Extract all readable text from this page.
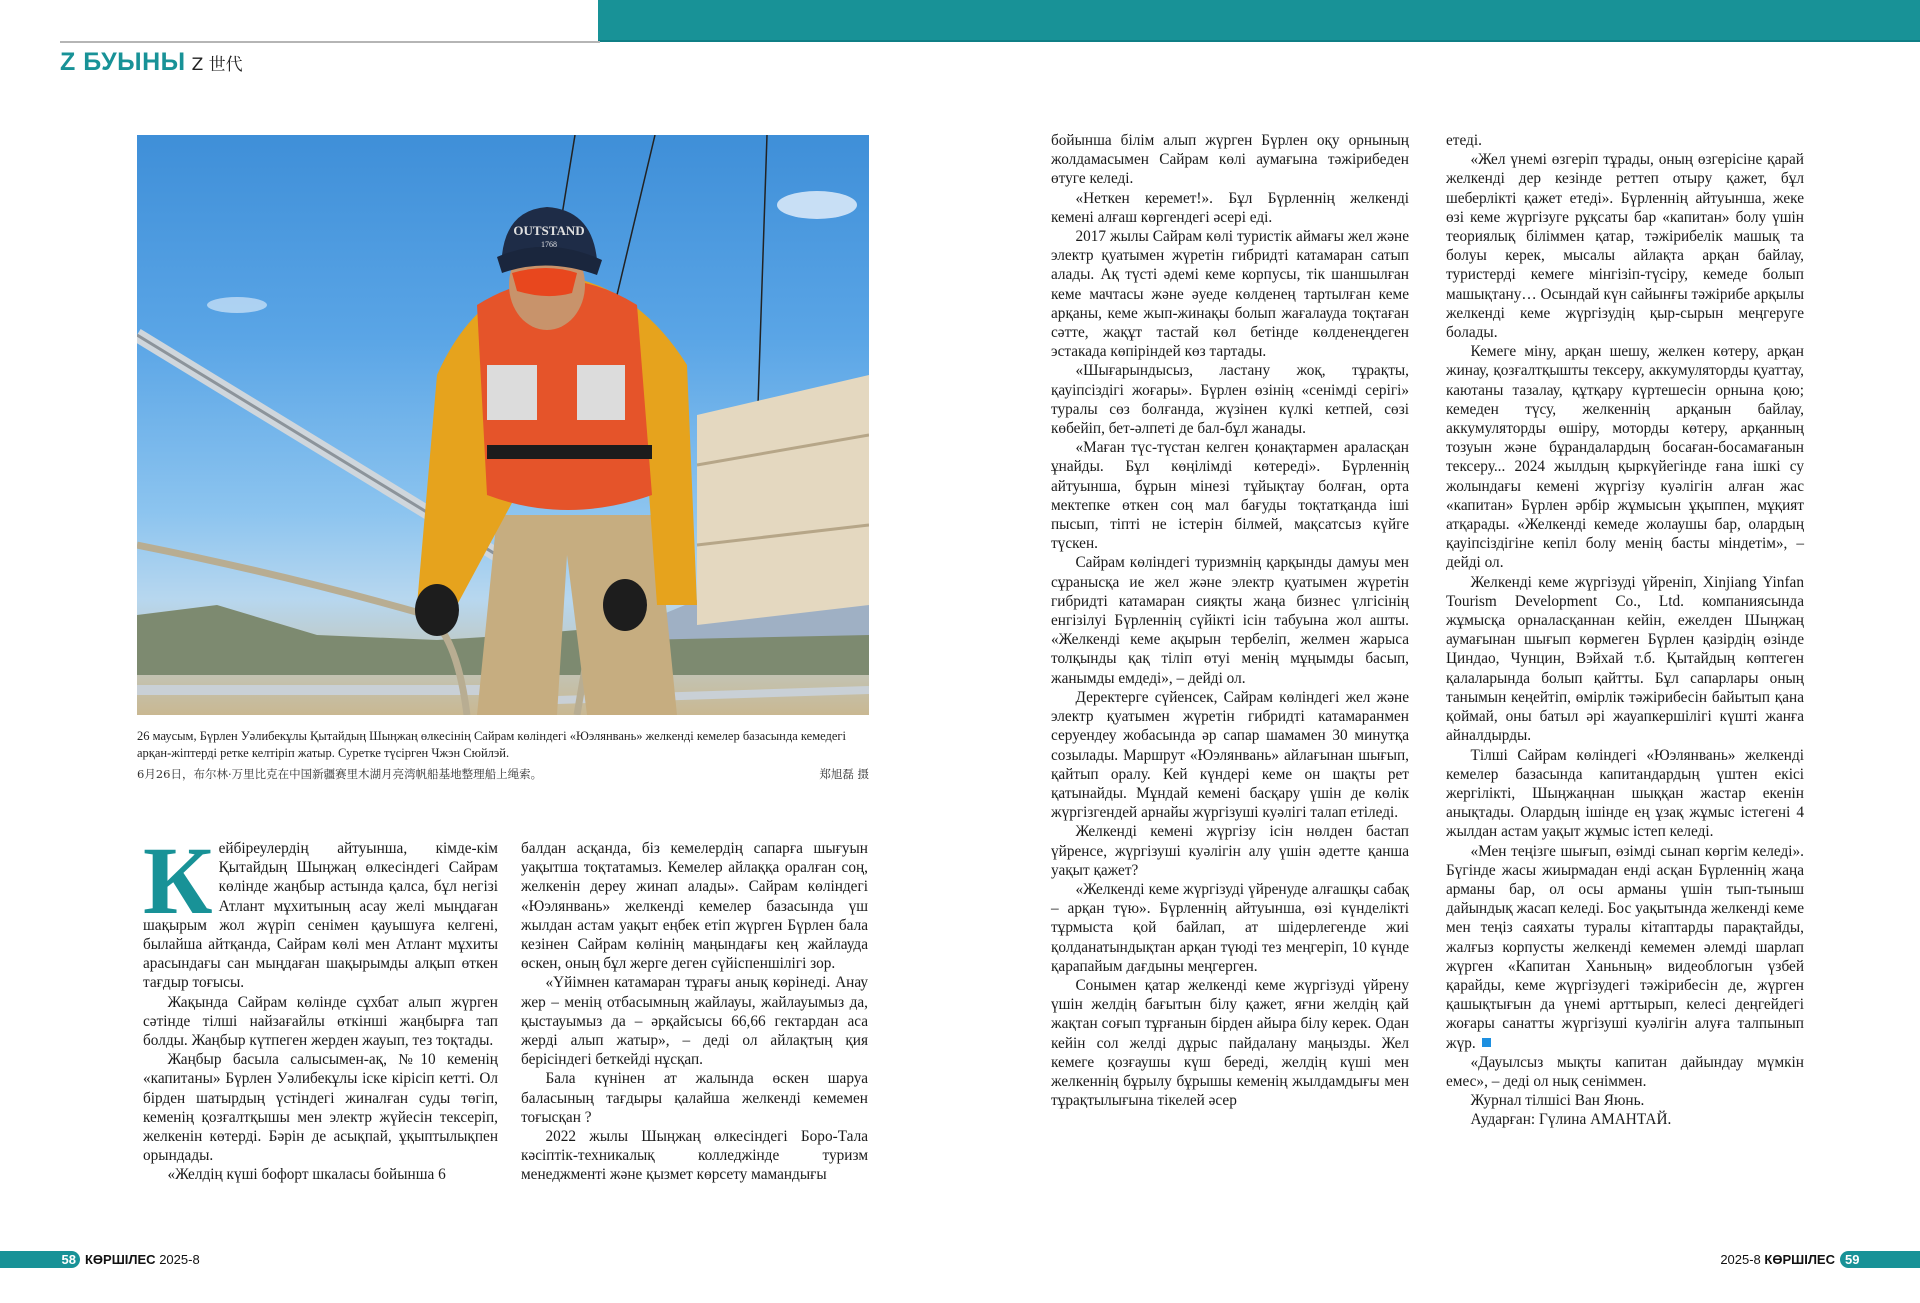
Z БУЫНЫ Z 世代
OUTSTAND
1768
26 маусым, Бүрлен Уәлибекұлы Қытайдың Шыңжаң өлкесінің Сайрам көліндегі «Юэлянвань» желкенді кемелер базасында кемедегі арқан-жіптерді ретке келтіріп жатыр. Суретке түсірген Чжэн Сюйлэй.
6月26日，布尔林·万里比克在中国新疆赛里木湖月亮湾帆船基地整理船上绳索。	郑旭磊 摄

Кейбіреулердің айтуынша, кімде-кім Қытайдың Шыңжаң өлкесіндегі Сайрам көлінде жаңбыр астында қалса, бұл негізі Атлант мұхитының асау желі мыңдаған шақырым жол жүріп сенімен қауышуға келгені, былайша айтқанда, Сайрам көлі мен Атлант мұхиты арасындағы сан мыңдаған шақырымды алқып өткен тағдыр тоғысы.

Жақында Сайрам көлінде сұхбат алып жүрген сәтінде тілші найзағайлы өткінші жаңбырға тап болды. Жаңбыр күтпеген жерден жауып, тез тоқтады.

Жаңбыр басыла салысымен-ақ, №10 кеменің «капитаны» Бүрлен Уәлибекұлы іске кірісіп кетті. Ол бірден шатырдың үстіндегі жиналған суды төгіп, кеменің қозғалтқышы мен электр жүйесін тексеріп, желкенін көтерді. Бәрін де асықпай, ұқыптылықпен орындады.

«Желдің күші бофорт шкаласы бойынша 6

балдан асқанда, біз кемелердің сапарға шығуын уақытша тоқтатамыз. Кемелер айлаққа оралған соң, желкенін дереу жинап алады». Сайрам көліндегі «Юэлянвань» желкенді кемелер базасында үш жылдан астам уақыт еңбек етіп жүрген Бүрлен бала кезінен Сайрам көлінің маңындағы кең жайлауда өскен, оның бұл жерге деген сүйіспеншілігі зор.

«Үйімнен катамаран тұрағы анық көрінеді. Анау жер – менің отбасымның жайлауы, жайлауымыз да, қыстауымыз да – әрқайсысы 66,66 гектардан аса жерді алып жатыр», – деді ол айлақтың қия берісіндегі беткейді нұсқап.

Бала күнінен ат жалында өскен шаруа баласының тағдыры қалайша желкенді кемемен тоғысқан ?

2022 жылы Шыңжаң өлкесіндегі Боро-Тала кәсіптік-техникалық колледжінде туризм менеджменті және қызмет көрсету мамандығы

бойынша білім алып жүрген Бүрлен оқу орнының жолдамасымен Сайрам көлі аумағына тәжірибеден өтуге келеді.

«Неткен керемет!». Бұл Бүрленнің желкенді кемені алғаш көргендегі әсері еді.

2017 жылы Сайрам көлі туристік аймағы жел және электр қуатымен жүретін гибридті катамаран сатып алады. Ақ түсті әдемі кеме корпусы, тік шаншылған кеме мачтасы және әуеде көлденең тартылған кеме арқаны, кеме жып-жинақы болып жағалауда тоқтаған сәтте, жақұт тастай көл бетінде көлденеңдеген эстакада көпіріндей көз тартады.

«Шығарындысыз, ластану жоқ, тұрақты, қауіпсіздігі жоғары». Бүрлен өзінің «сенімді серігі» туралы сөз болғанда, жүзінен күлкі кетпей, сөзі көбейіп, бет-әлпеті де бал-бұл жанады.

«Маған түс-түстан келген қонақтармен араласқан ұнайды. Бұл көңілімді көтереді». Бүрленнің айтуынша, бұрын мінезі тұйықтау болған, орта мектепке өткен соң мал бағуды тоқтатқанда іші пысып, тіпті не істерін білмей, мақсатсыз күйге түскен.

Сайрам көліндегі туризмнің қарқынды дамуы мен сұранысқа ие жел және электр қуатымен жүретін гибридті катамаран сияқты жаңа бизнес үлгісінің енгізілуі Бүрленнің сүйікті ісін табуына жол ашты. «Желкенді кеме ақырын тербеліп, желмен жарыса толқынды қақ тіліп өтуі менің мұңымды басып, жанымды емдеді», – дейді ол.

Деректерге сүйенсек, Сайрам көліндегі жел және электр қуатымен жүретін гибридті катамаранмен серуендеу жобасында әр сапар шамамен 30 минутқа созылады. Маршрут «Юэлянвань» айлағынан шығып, қайтып оралу. Кей күндері кеме он шақты рет қатынайды. Мұндай кемені басқару үшін де көлік жүргізгендей арнайы жүргізуші куәлігі талап етіледі.

Желкенді кемені жүргізу ісін нөлден бастап үйренсе, жүргізуші куәлігін алу үшін әдетте қанша уақыт қажет?

«Желкенді кеме жүргізуді үйренуде алғашқы сабақ – арқан түю». Бүрленнің айтуынша, өзі күнделікті тұрмыста қой байлап, ат шідерлегенде жиі қолданатындықтан арқан түюді тез меңгеріп, 10 күнде қарапайым дағдыны меңгерген.

Сонымен қатар желкенді кеме жүргізуді үйрену үшін желдің бағытын білу қажет, яғни желдің қай жақтан соғып тұрғанын бірден айыра білу керек. Одан кейін сол желді дұрыс пайдалану маңызды. Жел кемеге қозғаушы күш береді, желдің күші мен желкеннің бұрылу бұрышы кеменің жылдамдығы мен тұрақтылығына тікелей әсер

етеді.

«Жел үнемі өзгеріп тұрады, оның өзгерісіне қарай желкенді дер кезінде реттеп отыру қажет, бұл шеберлікті қажет етеді». Бүрленнің айтуынша, жеке өзі кеме жүргізуге рұқсаты бар «капитан» болу үшін теориялық біліммен қатар, тәжірибелік машық та болуы керек, мысалы айлақта арқан байлау, туристерді кемеге мінгізіп-түсіру, кемеде болып машықтану… Осындай күн сайынғы тәжірибе арқылы желкенді кеме жүргізудің қыр-сырын меңгеруге болады.

Кемеге міну, арқан шешу, желкен көтеру, арқан жинау, қозғалтқышты тексеру, аккумуляторды қуаттау, каютаны тазалау, құтқару күртешесін орнына қою; кемеден түсу, желкеннің арқанын байлау, аккумуляторды өшіру, моторды көтеру, арқанның тозуын және бұрандалардың босаған-босамағанын тексеру... 2024 жылдың қыркүйегінде ғана ішкі су жолындағы кемені жүргізу куәлігін алған жас «капитан» Бүрлен әрбір жұмысын ұқыппен, мұқият атқарады. «Желкенді кемеде жолаушы бар, олардың қауіпсіздігіне кепіл болу менің басты міндетім», – дейді ол.

Желкенді кеме жүргізуді үйреніп, Xinjiang Yinfan Tourism Development Co., Ltd. компаниясында жұмысқа орналасқаннан кейін, ежелден Шыңжаң аумағынан шығып көрмеген Бүрлен қазірдің өзінде Циндао, Чунцин, Вэйхай т.б. Қытайдың көптеген қалаларында болып қайтты. Бұл сапарлары оның танымын кеңейтіп, өмірлік тәжірибесін байытып қана қоймай, оны батыл әрі жауапкершілігі күшті жанға айналдырды.

Тілші Сайрам көліндегі «Юэлянвань» желкенді кемелер базасында капитандардың үштен екісі жергілікті, Шыңжаңнан шыққан жастар екенін анықтады. Олардың ішінде ең ұзақ жұмыс істегені 4 жылдан астам уақыт жұмыс істеп келеді.

«Мен теңізге шығып, өзімді сынап көргім келеді». Бүгінде жасы жиырмадан енді асқан Бүрленнің жаңа арманы бар, ол осы арманы үшін тып-тыныш дайындық жасап келеді. Бос уақытында желкенді кеме мен теңіз саяхаты туралы кітаптарды парақтайды, жалғыз корпусты желкенді кемемен әлемді шарлап жүрген «Капитан Ханьның» видеоблогын үзбей қарайды, кеме жүргізудегі тәжірибесін де, жүрген қашықтығын да үнемі арттырып, келесі деңгейдегі жоғары санатты жүргізуші куәлігін алуға талпынып жүр.

«Дауылсыз мықты капитан дайындау мүмкін емес», – деді ол нық сеніммен.

Журнал тілшісі Ван Яюнь.

Аударған: Гүлина АМАНТАЙ.

58 КӨРШІЛЕС 2025-8	2025-8 КӨРШІЛЕС 59
